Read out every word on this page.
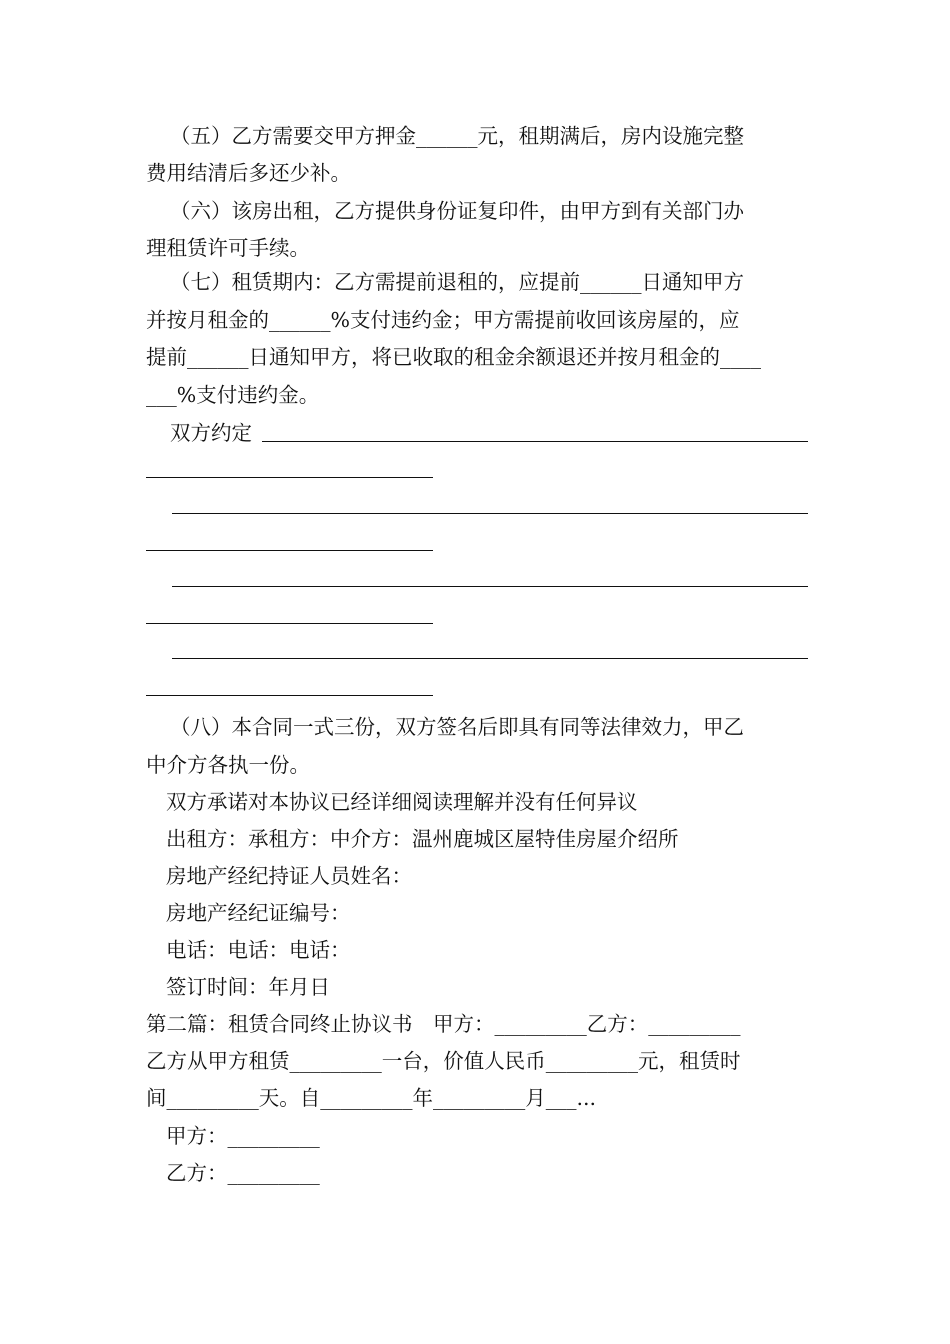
（五）乙方需要交甲方押金______元，租期满后，房内设施完整
费用结清后多还少补。
（六）该房出租，乙方提供身份证复印件，由甲方到有关部门办
理租赁许可手续。
（七）租赁期内：乙方需提前退租的，应提前______日通知甲方
并按月租金的______%支付违约金；甲方需提前收回该房屋的，应
提前______日通知甲方，将已收取的租金余额退还并按月租金的____
___%支付违约金。
双方约定
（八）本合同一式三份，双方签名后即具有同等法律效力，甲乙
中介方各执一份。
双方承诺对本协议已经详细阅读理解并没有任何异议
出租方：承租方：中介方：温州鹿城区屋特佳房屋介绍所
房地产经纪持证人员姓名：
房地产经纪证编号：
电话：电话：电话：
签订时间：年月日
第二篇：租赁合同终止协议书　甲方：_________乙方：_________
乙方从甲方租赁_________一台，价值人民币_________元，租赁时
间_________天。自_________年_________月___...
甲方：_________
乙方：_________
